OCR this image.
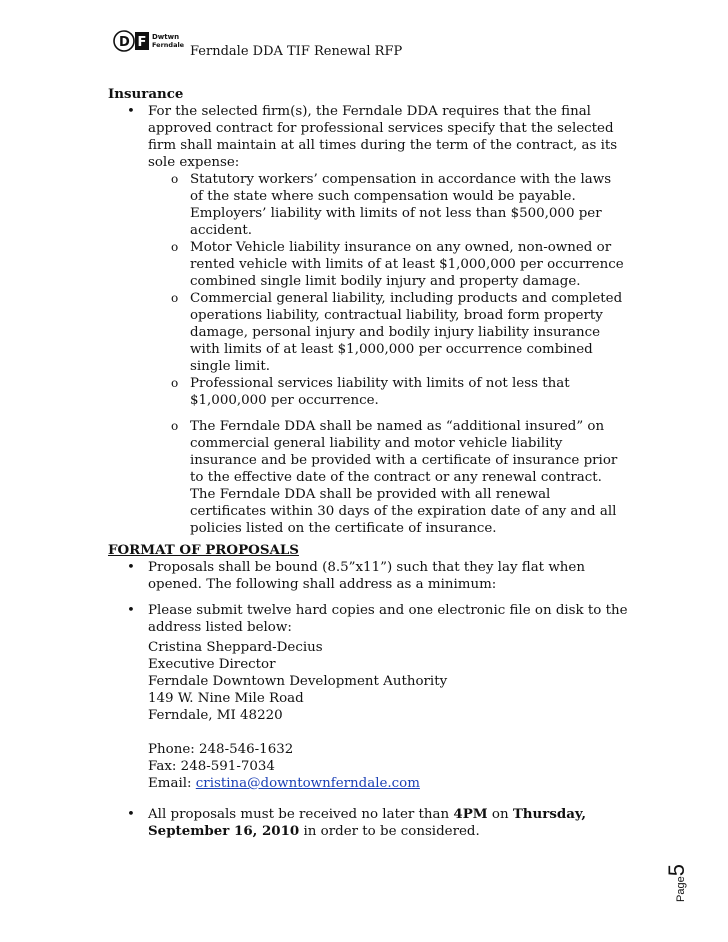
D F Dwtwn
Ferndale Ferndale DDA TIF Renewal RFP

Insurance

• For the selected firm(s), the Ferndale DDA requires that the final approved contract for professional services specify that the selected firm shall maintain at all times during the term of the contract, as its sole expense:
o Statutory workers’ compensation in accordance with the laws of the state where such compensation would be payable. Employers’ liability with limits of not less than $500,000 per accident.
o Motor Vehicle liability insurance on any owned, non-owned or rented vehicle with limits of at least $1,000,000 per occurrence combined single limit bodily injury and property damage.
o Commercial general liability, including products and completed operations liability, contractual liability, broad form property damage, personal injury and bodily injury liability insurance with limits of at least $1,000,000 per occurrence combined single limit.
o Professional services liability with limits of not less that $1,000,000 per occurrence.
o The Ferndale DDA shall be named as “additional insured” on commercial general liability and motor vehicle liability insurance and be provided with a certificate of insurance prior to the effective date of the contract or any renewal contract. The Ferndale DDA shall be provided with all renewal certificates within 30 days of the expiration date of any and all policies listed on the certificate of insurance.

FORMAT OF PROPOSALS

• Proposals shall be bound (8.5”x11”) such that they lay flat when opened. The following shall address as a minimum:
• Please submit twelve hard copies and one electronic file on disk to the address listed below:
Cristina Sheppard-Decius
Executive Director
Ferndale Downtown Development Authority
149 W. Nine Mile Road
Ferndale, MI 48220
Phone: 248-546-1632
Fax: 248-591-7034
Email: cristina@downtownferndale.com
• All proposals must be received no later than 4PM on Thursday, September 16, 2010 in order to be considered.
Page5
